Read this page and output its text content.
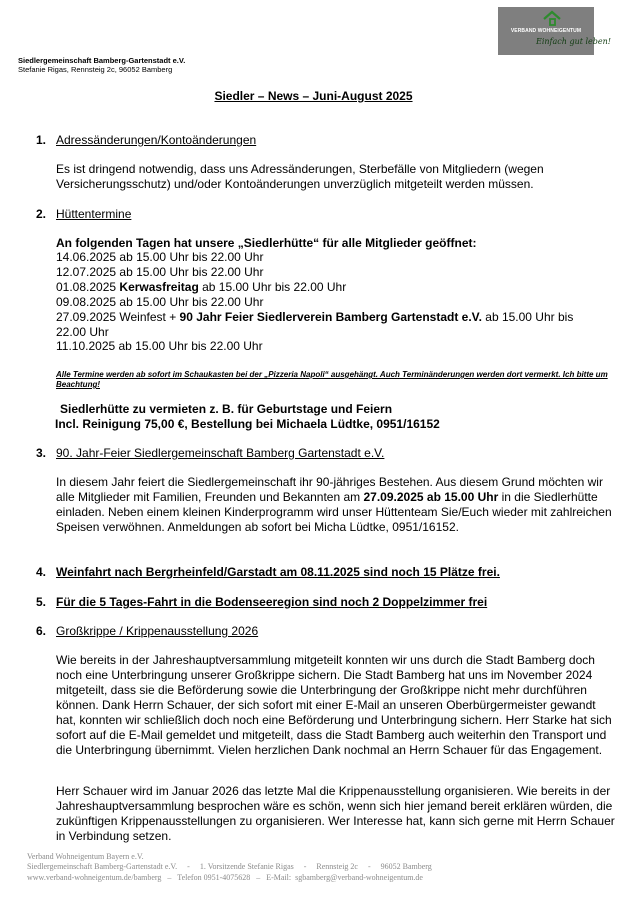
VERBAND WOHNEIGENTUM
Einfach gut leben!
Siedlergemeinschaft Bamberg-Gartenstadt e.V.
Stefanie Rigas, Rennsteig 2c, 96052 Bamberg
Siedler – News – Juni-August 2025
1. Adressänderungen/Kontoänderungen
Es ist dringend notwendig, dass uns Adressänderungen, Sterbefälle von Mitgliedern (wegen Versicherungsschutz) und/oder Kontoänderungen unverzüglich mitgeteilt werden müssen.
2. Hüttentermine
An folgenden Tagen hat unsere „Siedlerhütte“ für alle Mitglieder geöffnet:
14.06.2025 ab 15.00 Uhr bis 22.00 Uhr
12.07.2025 ab 15.00 Uhr bis 22.00 Uhr
01.08.2025 Kerwasfreitag ab 15.00 Uhr bis 22.00 Uhr
09.08.2025 ab 15.00 Uhr bis 22.00 Uhr
27.09.2025 Weinfest + 90 Jahr Feier Siedlerverein Bamberg Gartenstadt e.V. ab 15.00 Uhr bis
22.00 Uhr
11.10.2025 ab 15.00 Uhr bis 22.00 Uhr
Alle Termine werden ab sofort im Schaukasten bei der „Pizzeria Napoli“ ausgehängt. Auch Terminänderungen werden dort vermerkt. Ich bitte um Beachtung!
Siedlerhütte zu vermieten z. B. für Geburtstage und Feiern
Incl. Reinigung 75,00 €, Bestellung bei Michaela Lüdtke, 0951/16152
3. 90. Jahr-Feier Siedlergemeinschaft Bamberg Gartenstadt e.V.
In diesem Jahr feiert die Siedlergemeinschaft ihr 90-jähriges Bestehen. Aus diesem Grund möchten wir alle Mitglieder mit Familien, Freunden und Bekannten am 27.09.2025 ab 15.00 Uhr in die Siedlerhütte einladen. Neben einem kleinen Kinderprogramm wird unser Hüttenteam Sie/Euch wieder mit zahlreichen Speisen verwöhnen. Anmeldungen ab sofort bei Micha Lüdtke, 0951/16152.
4. Weinfahrt nach Bergrheinfeld/Garstadt am 08.11.2025 sind noch 15 Plätze frei.
5. Für die 5 Tages-Fahrt in die Bodenseeregion sind noch 2 Doppelzimmer frei
6. Großkrippe / Krippenausstellung 2026
Wie bereits in der Jahreshauptversammlung mitgeteilt konnten wir uns durch die Stadt Bamberg doch noch eine Unterbringung unserer Großkrippe sichern. Die Stadt Bamberg hat uns im November 2024 mitgeteilt, dass sie die Beförderung sowie die Unterbringung der Großkrippe nicht mehr durchführen können. Dank Herrn Schauer, der sich sofort mit einer E-Mail an unseren Oberbürgermeister gewandt hat, konnten wir schließlich doch noch eine Beförderung und Unterbringung sichern. Herr Starke hat sich sofort auf die E-Mail gemeldet und mitgeteilt, dass die Stadt Bamberg auch weiterhin den Transport und die Unterbringung übernimmt. Vielen herzlichen Dank nochmal an Herrn Schauer für das Engagement.
Herr Schauer wird im Januar 2026 das letzte Mal die Krippenausstellung organisieren. Wie bereits in der Jahreshauptversammlung besprochen wäre es schön, wenn sich hier jemand bereit erklären würden, die zukünftigen Krippenausstellungen zu organisieren. Wer Interesse hat, kann sich gerne mit Herrn Schauer in Verbindung setzen.
Verband Wohneigentum Bayern e.V.
Siedlergemeinschaft Bamberg-Gartenstadt e.V.     -     1. Vorsitzende Stefanie Rigas     -     Rennsteig 2c     -     96052 Bamberg
www.verband-wohneigentum.de/bamberg   –   Telefon 0951-4075628   –   E-Mail:  sgbamberg@verband-wohneigentum.de
